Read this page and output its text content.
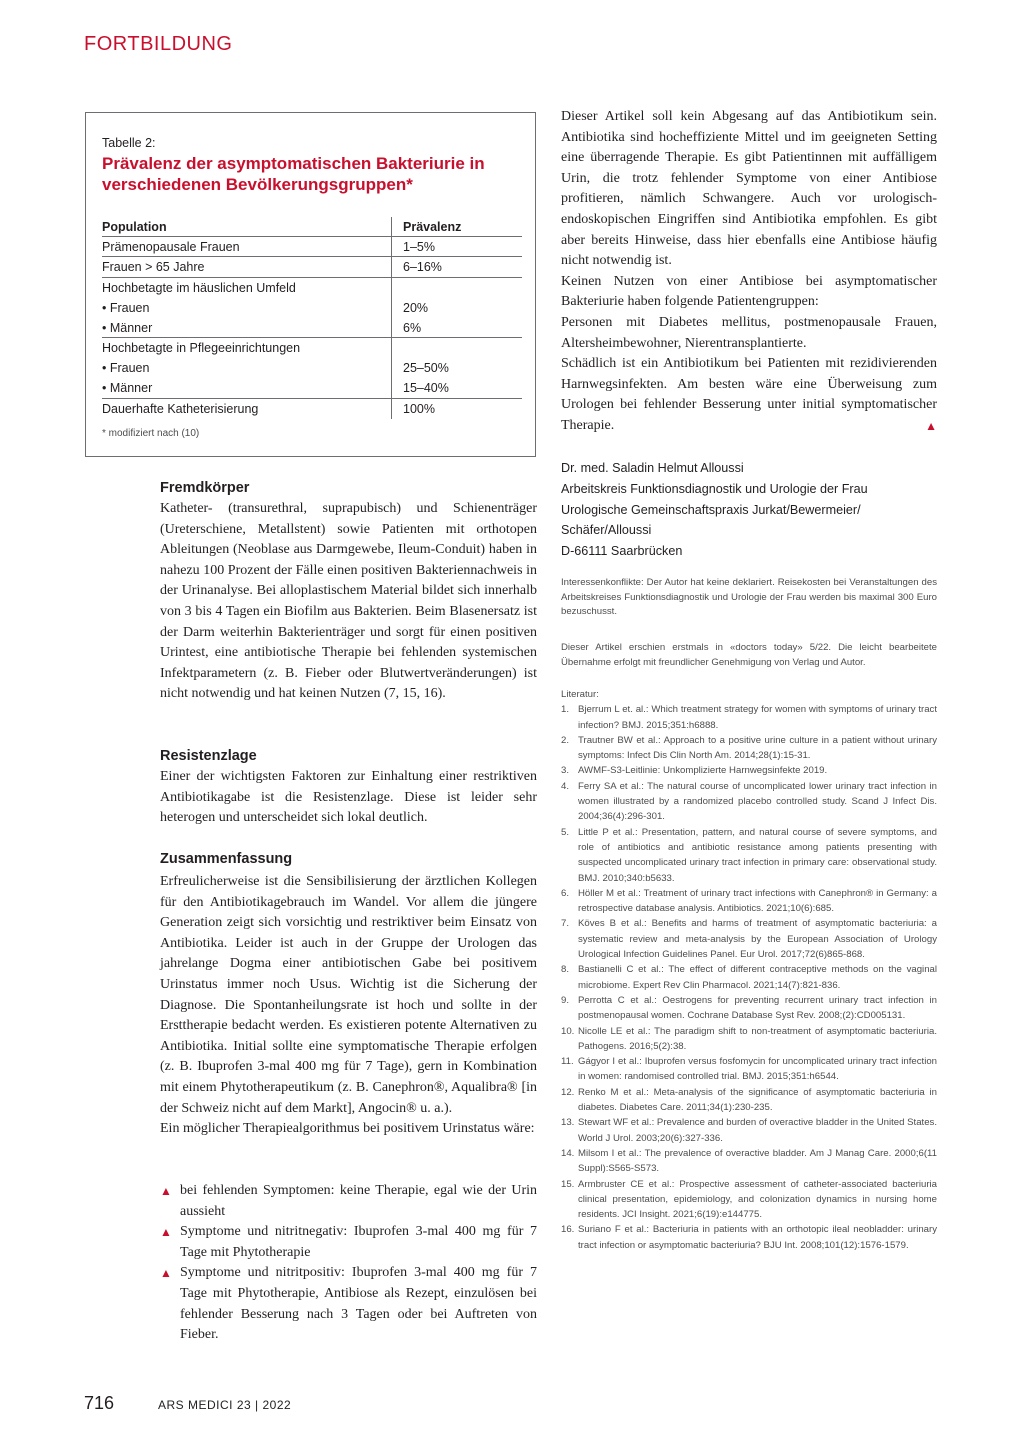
FORTBILDUNG
Tabelle 2:
Prävalenz der asymptomatischen Bakteriurie in verschiedenen Bevölkerungsgruppen*
Population	Prävalenz
Prämenopausale Frauen	1–5%
Frauen > 65 Jahre	6–16%
Hochbetagte im häuslichen Umfeld
• Frauen	20%
• Männer	6%
Hochbetagte in Pflegeeinrichtungen
• Frauen	25–50%
• Männer	15–40%
Dauerhafte Katheterisierung	100%
* modifiziert nach (10)
Fremdkörper
Katheter- (transurethral, suprapubisch) und Schienenträger (Ureterschiene, Metallstent) sowie Patienten mit orthotopen Ableitungen (Neoblase aus Darmgewebe, Ileum-Conduit) haben in nahezu 100 Prozent der Fälle einen positiven Bakteriennachweis in der Urinanalyse. Bei alloplastischem Material bildet sich innerhalb von 3 bis 4 Tagen ein Biofilm aus Bakterien. Beim Blasenersatz ist der Darm weiterhin Bakterienträger und sorgt für einen positiven Urintest, eine antibiotische Therapie bei fehlenden systemischen Infektparametern (z. B. Fieber oder Blutwertveränderungen) ist nicht notwendig und hat keinen Nutzen (7, 15, 16).
Resistenzlage
Einer der wichtigsten Faktoren zur Einhaltung einer restriktiven Antibiotikagabe ist die Resistenzlage. Diese ist leider sehr heterogen und unterscheidet sich lokal deutlich.
Zusammenfassung

Erfreulicherweise ist die Sensibilisierung der ärztlichen Kollegen für den Antibiotikagebrauch im Wandel. Vor allem die jüngere Generation zeigt sich vorsichtig und restriktiver beim Einsatz von Antibiotika. Leider ist auch in der Gruppe der Urologen das jahrelange Dogma einer antibiotischen Gabe bei positivem Urinstatus immer noch Usus. Wichtig ist die Sicherung der Diagnose. Die Spontanheilungsrate ist hoch und sollte in der Ersttherapie bedacht werden. Es existieren potente Alternativen zu Antibiotika. Initial sollte eine symptomatische Therapie erfolgen (z. B. Ibuprofen 3-mal 400 mg für 7 Tage), gern in Kombination mit einem Phytotherapeutikum (z. B. Canephron®, Aqualibra® [in der Schweiz nicht auf dem Markt], Angocin® u. a.).

Ein möglicher Therapiealgorithmus bei positivem Urinstatus wäre:

▲ bei fehlenden Symptomen: keine Therapie, egal wie der Urin aussieht
▲ Symptome und nitritnegativ: Ibuprofen 3-mal 400 mg für 7 Tage mit Phytotherapie
▲ Symptome und nitritpositiv: Ibuprofen 3-mal 400 mg für 7 Tage mit Phytotherapie, Antibiose als Rezept, einzulösen bei fehlender Besserung nach 3 Tagen oder bei Auftreten von Fieber.

Dieser Artikel soll kein Abgesang auf das Antibiotikum sein. Antibiotika sind hocheffiziente Mittel und im geeigneten Setting eine überragende Therapie. Es gibt Patientinnen mit auffälligem Urin, die trotz fehlender Symptome von einer Antibiose profitieren, nämlich Schwangere. Auch vor urologisch-endoskopischen Eingriffen sind Antibiotika empfohlen. Es gibt aber bereits Hinweise, dass hier ebenfalls eine Antibiose häufig nicht notwendig ist.

Keinen Nutzen von einer Antibiose bei asymptomatischer Bakteriurie haben folgende Patientengruppen:

Personen mit Diabetes mellitus, postmenopausale Frauen, Altersheimbewohner, Nierentransplantierte.

Schädlich ist ein Antibiotikum bei Patienten mit rezidivierenden Harnwegsinfekten. Am besten wäre eine Überweisung zum Urologen bei fehlender Besserung unter initial symptomatischer Therapie.	▲

Dr. med. Saladin Helmut Alloussi
Arbeitskreis Funktionsdiagnostik und Urologie der Frau
Urologische Gemeinschaftspraxis Jurkat/Bewermeier/
Schäfer/Alloussi
D-66111 Saarbrücken
Interessenkonflikte: Der Autor hat keine deklariert. Reisekosten bei Veranstaltungen des Arbeitskreises Funktionsdiagnostik und Urologie der Frau werden bis maximal 300 Euro bezuschusst.
Dieser Artikel erschien erstmals in «doctors today» 5/22. Die leicht bearbeitete Übernahme erfolgt mit freundlicher Genehmigung von Verlag und Autor.
Literatur:
1. Bjerrum L et. al.: Which treatment strategy for women with symptoms of urinary tract infection? BMJ. 2015;351:h6888.
2. Trautner BW et al.: Approach to a positive urine culture in a patient without urinary symptoms: Infect Dis Clin North Am. 2014;28(1):15-31.
3. AWMF-S3-Leitlinie: Unkomplizierte Harnwegsinfekte 2019.
4. Ferry SA et al.: The natural course of uncomplicated lower urinary tract infection in women illustrated by a randomized placebo controlled study. Scand J Infect Dis. 2004;36(4):296-301.
5. Little P et al.: Presentation, pattern, and natural course of severe symptoms, and role of antibiotics and antibiotic resistance among patients presenting with suspected uncomplicated urinary tract infection in primary care: observational study. BMJ. 2010;340:b5633.
6. Höller M et al.: Treatment of urinary tract infections with Canephron® in Germany: a retrospective database analysis. Antibiotics. 2021;10(6):685.
7. Köves B et al.: Benefits and harms of treatment of asymptomatic bacteriuria: a systematic review and meta-analysis by the European Association of Urology Urological Infection Guidelines Panel. Eur Urol. 2017;72(6)865-868.
8. Bastianelli C et al.: The effect of different contraceptive methods on the vaginal microbiome. Expert Rev Clin Pharmacol. 2021;14(7):821-836.
9. Perrotta C et al.: Oestrogens for preventing recurrent urinary tract infection in postmenopausal women. Cochrane Database Syst Rev. 2008;(2):CD005131.
10. Nicolle LE et al.: The paradigm shift to non-treatment of asymptomatic bacteriuria. Pathogens. 2016;5(2):38.
11. Gágyor I et al.: Ibuprofen versus fosfomycin for uncomplicated urinary tract infection in women: randomised controlled trial. BMJ. 2015;351:h6544.
12. Renko M et al.: Meta-analysis of the significance of asymptomatic bacteriuria in diabetes. Diabetes Care. 2011;34(1):230-235.
13. Stewart WF et al.: Prevalence and burden of overactive bladder in the United States. World J Urol. 2003;20(6):327-336.
14. Milsom I et al.: The prevalence of overactive bladder. Am J Manag Care. 2000;6(11 Suppl):S565-S573.
15. Armbruster CE et al.: Prospective assessment of catheter-associated bacteriuria clinical presentation, epidemiology, and colonization dynamics in nursing home residents. JCI Insight. 2021;6(19):e144775.
16. Suriano F et al.: Bacteriuria in patients with an orthotopic ileal neobladder: urinary tract infection or asymptomatic bacteriuria? BJU Int. 2008;101(12):1576-1579.
716	ARS MEDICI 23 | 2022
